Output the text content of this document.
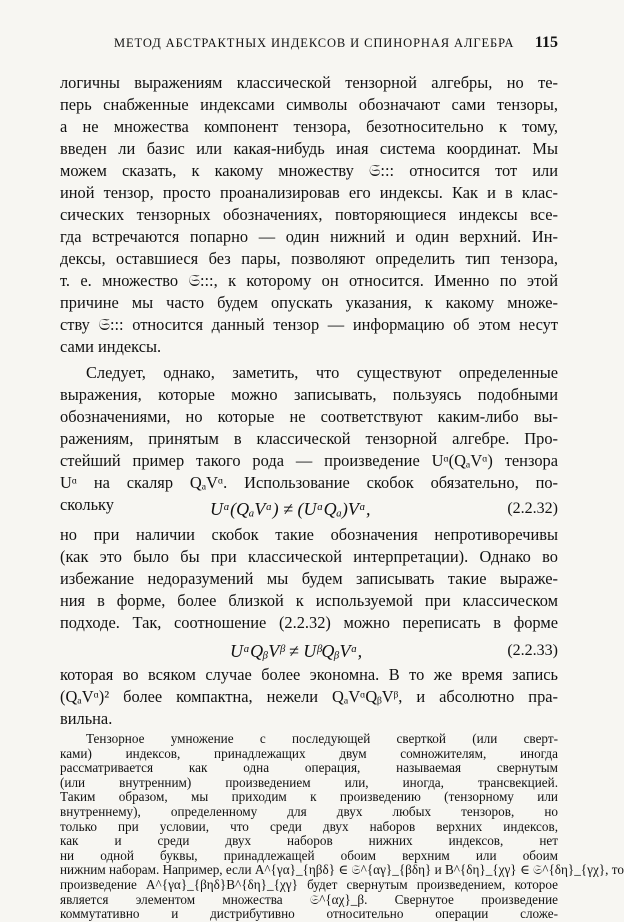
МЕТОД АБСТРАКТНЫХ ИНДЕКСОВ И СПИНОРНАЯ АЛГЕБРА 115
логичны выражениям классической тензорной алгебры, но те-
перь снабженные индексами символы обозначают сами тензоры,
а не множества компонент тензора, безотносительно к тому,
введен ли базис или какая-нибудь иная система координат. Мы
можем сказать, к какому множеству 𝔖::: относится тот или
иной тензор, просто проанализировав его индексы. Как и в клас-
сических тензорных обозначениях, повторяющиеся индексы все-
гда встречаются попарно — один нижний и один верхний. Ин-
дексы, оставшиеся без пары, позволяют определить тип тензора,
т. е. множество 𝔖:::, к которому он относится. Именно по этой
причине мы часто будем опускать указания, к какому множе-
ству 𝔖::: относится данный тензор — информацию об этом несут
сами индексы.
Следует, однако, заметить, что существуют определенные
выражения, которые можно записывать, пользуясь подобными
обозначениями, но которые не соответствуют каким-либо вы-
ражениям, принятым в классической тензорной алгебре. Про-
стейший пример такого рода — произведение Uᵅ(QₐVᵅ) тензора
Uᵅ на скаляр QₐVᵅ. Использование скобок обязательно, по-
скольку	Uᵅ(QₐVᵅ) ≠ (UᵅQₐ)Vᵅ,	(2.2.32)
но при наличии скобок такие обозначения непротиворечивы
(как это было бы при классической интерпретации). Однако во
избежание недоразумений мы будем записывать такие выраже-
ния в форме, более близкой к используемой при классическом
подходе. Так, соотношение (2.2.32) можно переписать в форме
UᵅQᵦVᵝ ≠ UᵝQᵦVᵅ,	(2.2.33)
которая во всяком случае более экономна. В то же время запись
(QₐVᵅ)² более компактна, нежели QₐVᵅQᵦVᵝ, и абсолютно пра-
вильна.
Тензорное умножение с последующей сверткой (или сверт-
ками) индексов, принадлежащих двум сомножителям, иногда
рассматривается как одна операция, называемая свернутым
(или внутренним) произведением или, иногда, трансвекцией.
Таким образом, мы приходим к произведению (тензорному или
внутреннему), определенному для двух любых тензоров, но
только при условии, что среди двух наборов верхних индексов,
как и среди двух наборов нижних индексов, нет
ни одной буквы, принадлежащей обоим верхним или обоим
нижним наборам. Например, если A^{γα}_{ηβδ} ∈ 𝔖^{αγ}_{βδη} и B^{δη}_{χγ} ∈ 𝔖^{δη}_{γχ}, то
произведение A^{γα}_{βηδ}B^{δη}_{χγ} будет свернутым произведением, которое
является элементом множества 𝔖^{αχ}_β. Свернутое произведение
коммутативно и дистрибутивно относительно операции сложе-
